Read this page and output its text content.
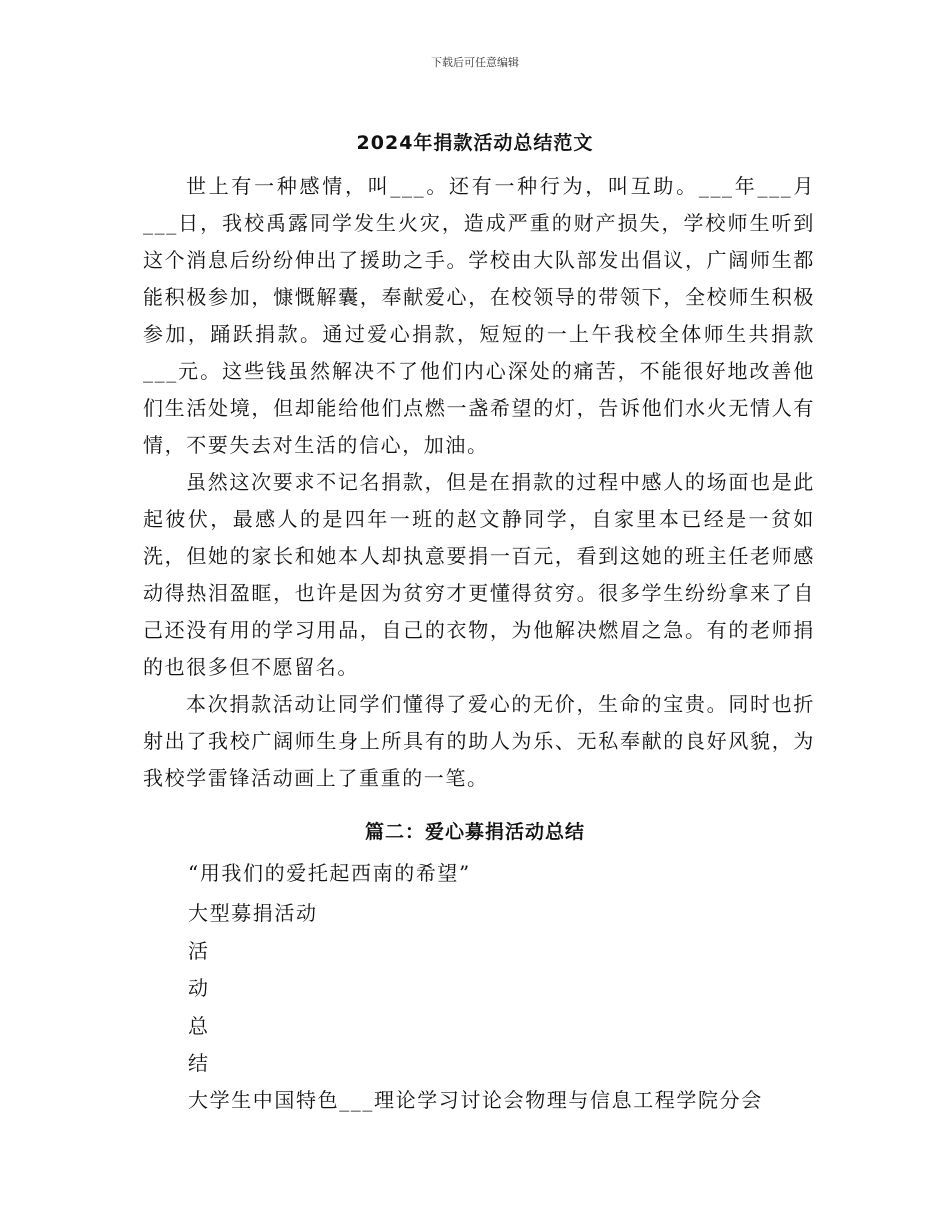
下载后可任意编辑
2024年捐款活动总结范文

世上有一种感情，叫___。还有一种行为，叫互助。___年___月___日，我校禹露同学发生火灾，造成严重的财产损失，学校师生听到这个消息后纷纷伸出了援助之手。学校由大队部发出倡议，广阔师生都能积极参加，慷慨解囊，奉献爱心，在校领导的带领下，全校师生积极参加，踊跃捐款。通过爱心捐款，短短的一上午我校全体师生共捐款___元。这些钱虽然解决不了他们内心深处的痛苦，不能很好地改善他们生活处境，但却能给他们点燃一盏希望的灯，告诉他们水火无情人有情，不要失去对生活的信心，加油。

虽然这次要求不记名捐款，但是在捐款的过程中感人的场面也是此起彼伏，最感人的是四年一班的赵文静同学，自家里本已经是一贫如洗，但她的家长和她本人却执意要捐一百元，看到这她的班主任老师感动得热泪盈眶，也许是因为贫穷才更懂得贫穷。很多学生纷纷拿来了自己还没有用的学习用品，自己的衣物，为他解决燃眉之急。有的老师捐的也很多但不愿留名。

本次捐款活动让同学们懂得了爱心的无价，生命的宝贵。同时也折射出了我校广阔师生身上所具有的助人为乐、无私奉献的良好风貌，为我校学雷锋活动画上了重重的一笔。

篇二：爱心募捐活动总结

“用我们的爱托起西南的希望”

大型募捐活动

活

动

总

结

大学生中国特色___理论学习讨论会物理与信息工程学院分会
